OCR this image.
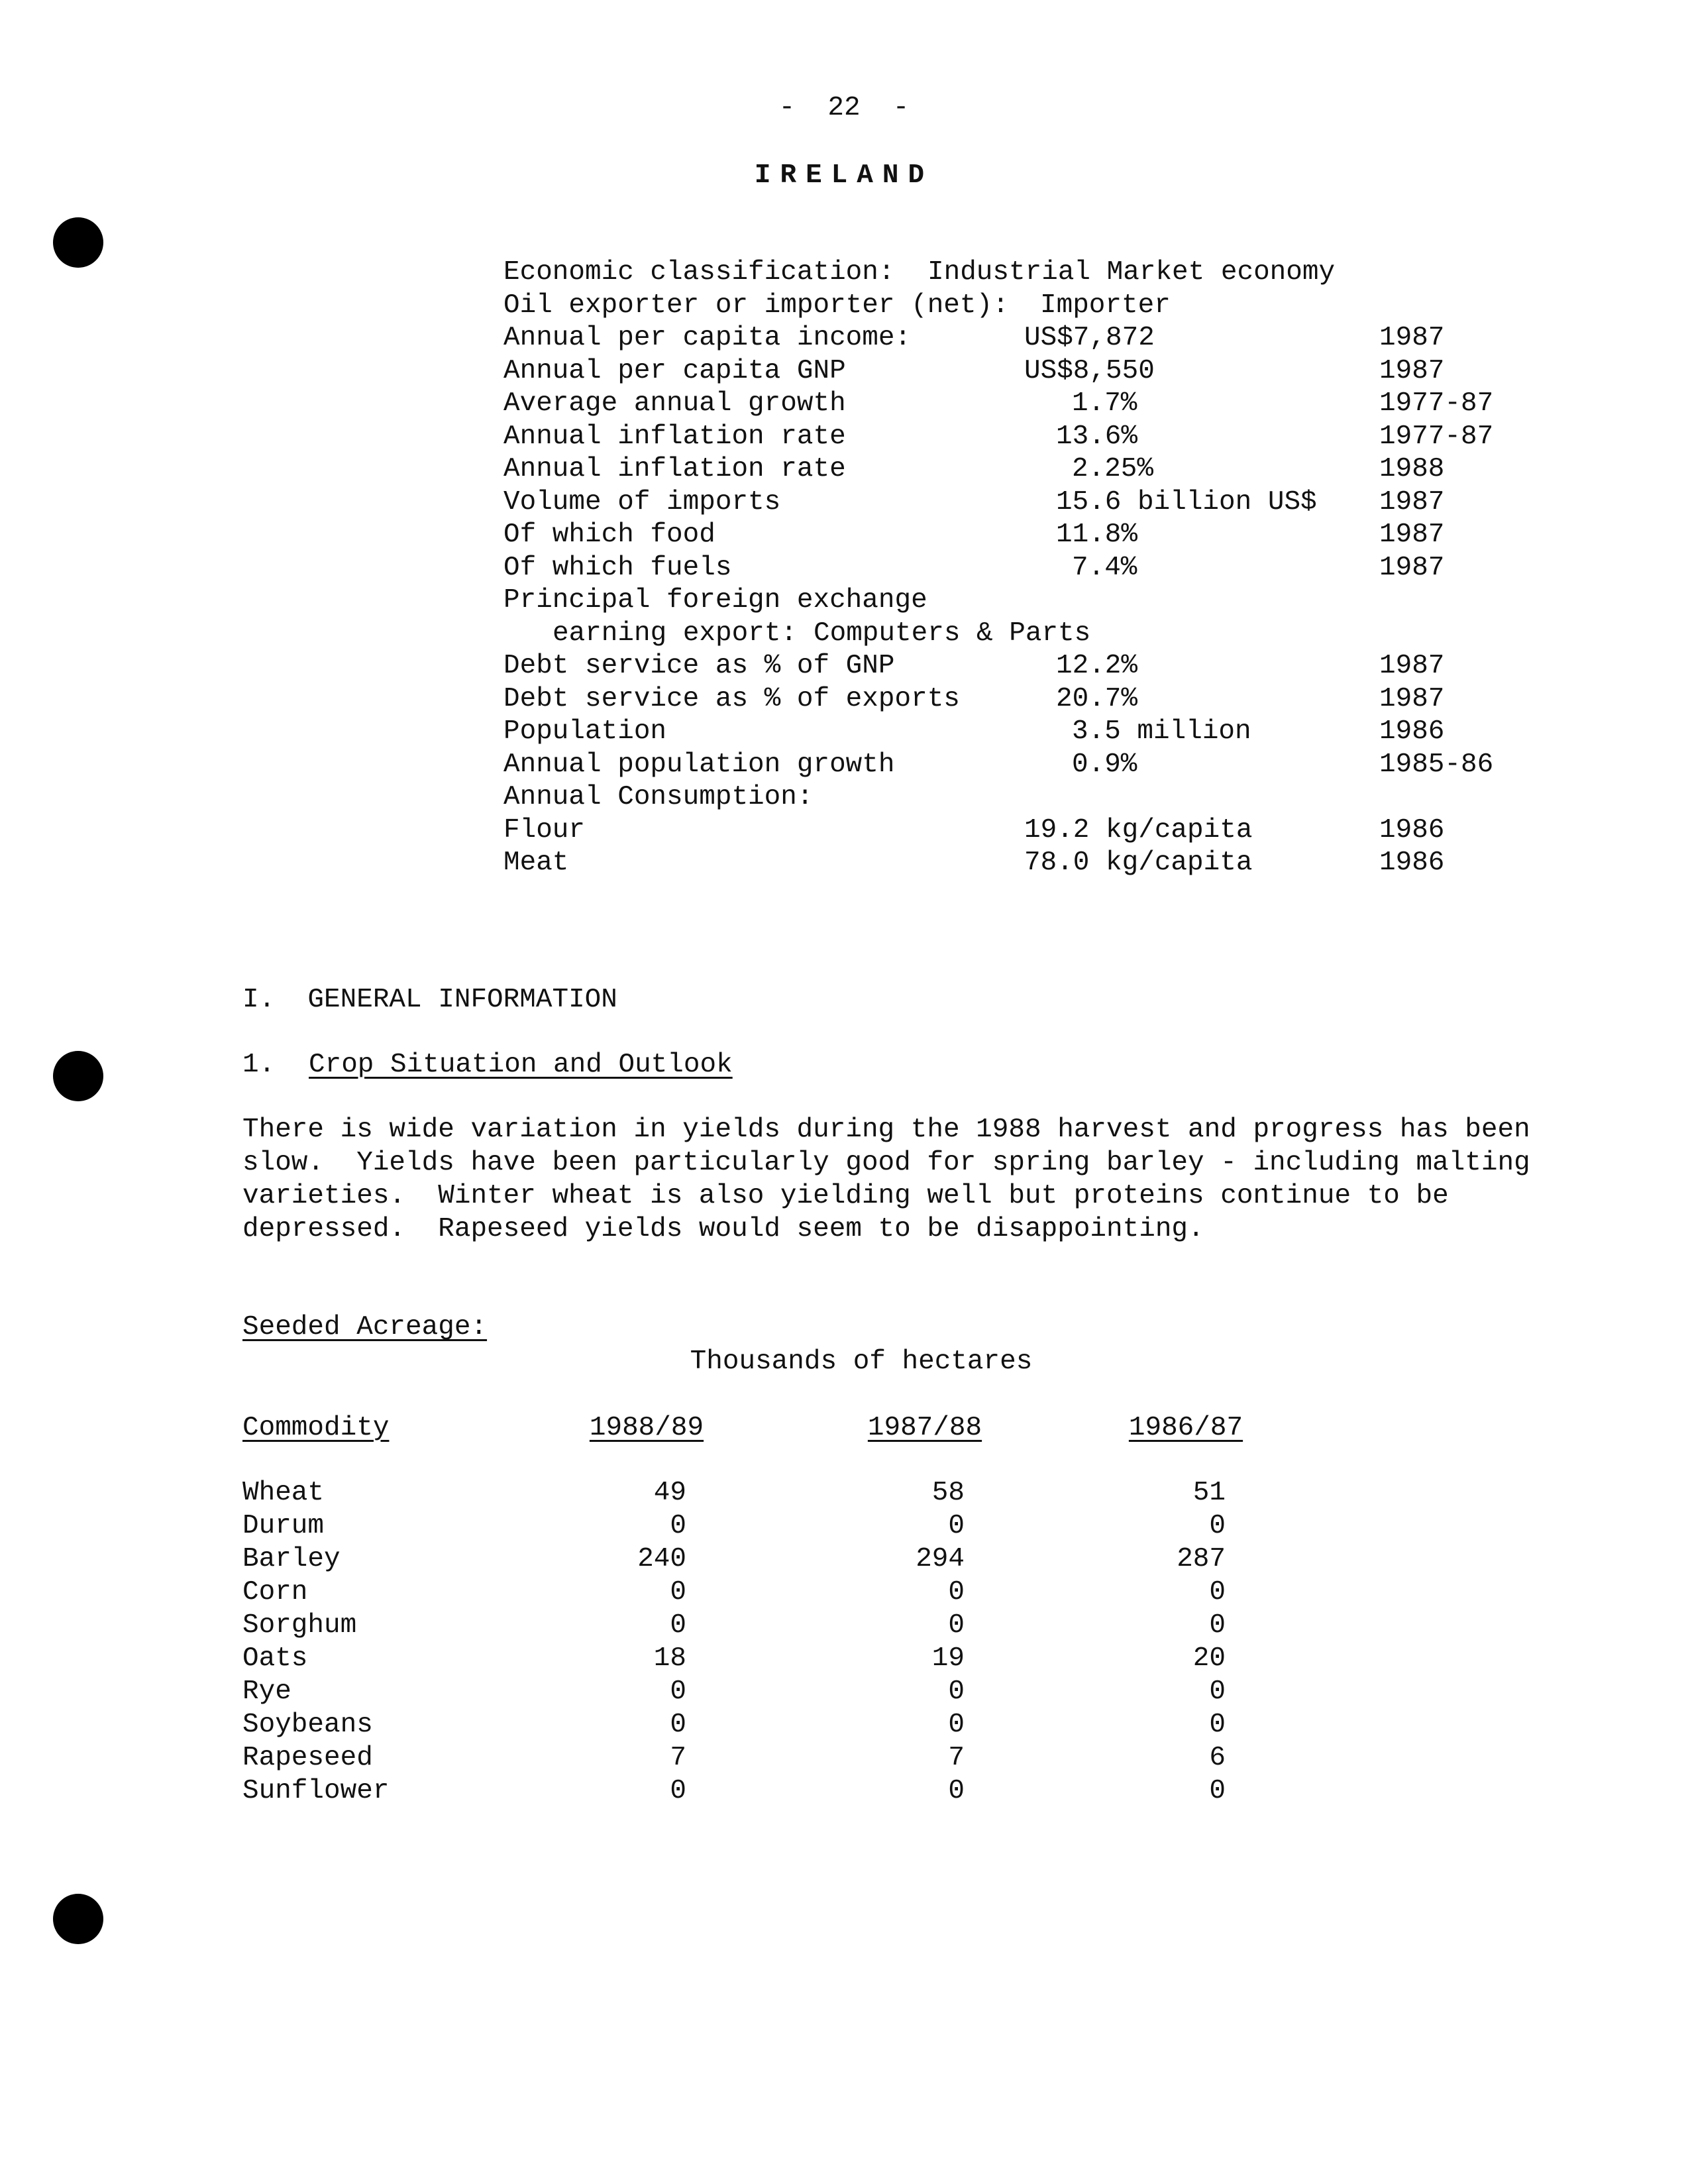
-  22  -
IRELAND
Economic classification: Industrial Market economy
Oil exporter or importer (net): Importer
Annual per capita income:	US$7,872	1987
Annual per capita GNP	US$8,550	1987
Average annual growth	1.7%	1977-87
Annual inflation rate	13.6%	1977-87
Annual inflation rate	2.25%	1988
Volume of imports	15.6 billion US$ 1987
Of which food	11.8%	1987
Of which fuels	7.4%	1987
Principal foreign exchange
earning export: Computers & Parts
Debt service as % of GNP	12.2%	1987
Debt service as % of exports	20.7%	1987
Population	3.5 million	1986
Annual population growth	0.9%	1985-86
Annual Consumption:
Flour	19.2 kg/capita	1986
Meat	78.0 kg/capita	1986
I.  GENERAL INFORMATION
1. Crop Situation and Outlook
There is wide variation in yields during the 1988 harvest and progress has been
slow.  Yields have been particularly good for spring barley - including malting
varieties.  Winter wheat is also yielding well but proteins continue to be
depressed.  Rapeseed yields would seem to be disappointing.
Seeded Acreage:
Thousands of hectares
Commodity	1988/89	1987/88	1986/87
Wheat	49	58	51
Durum	0	0	0
Barley	240	294	287
Corn	0	0	0
Sorghum	0	0	0
Oats	18	19	20
Rye	0	0	0
Soybeans	0	0	0
Rapeseed	7	7	6
Sunflower	0	0	0
